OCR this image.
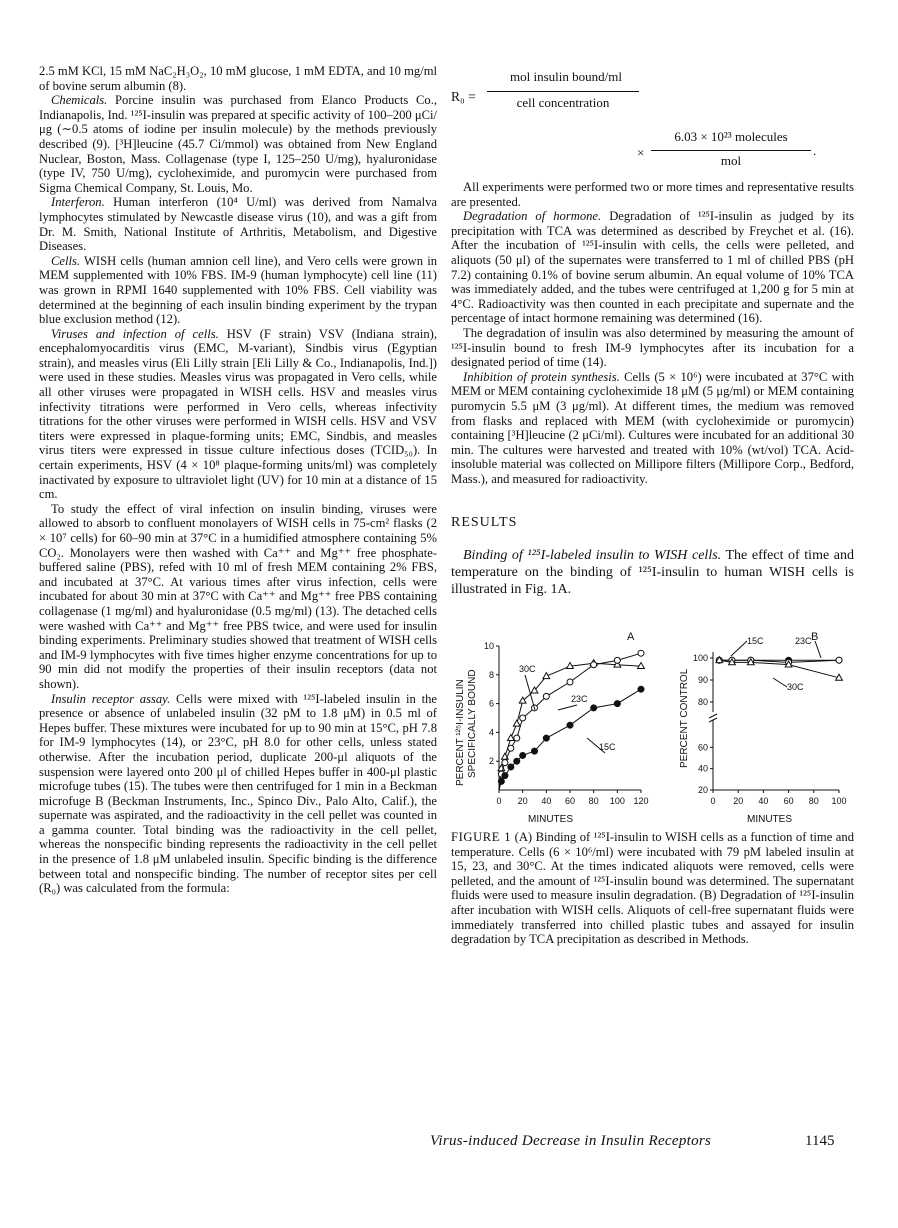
2.5 mM KCl, 15 mM NaC₂H₃O₂, 10 mM glucose, 1 mM EDTA, and 10 mg/ml of bovine serum albumin (8).

Chemicals. Porcine insulin was purchased from Elanco Products Co., Indianapolis, Ind. ¹²⁵I-insulin was prepared at specific activity of 100–200 μCi/μg (∼0.5 atoms of iodine per insulin molecule) by the methods previously described (9). [³H]leucine (45.7 Ci/mmol) was obtained from New England Nuclear, Boston, Mass. Collagenase (type I, 125–250 U/mg), hyaluronidase (type IV, 750 U/mg), cycloheximide, and puromycin were purchased from Sigma Chemical Company, St. Louis, Mo.

Interferon. Human interferon (10⁴ U/ml) was derived from Namalva lymphocytes stimulated by Newcastle disease virus (10), and was a gift from Dr. M. Smith, National Institute of Arthritis, Metabolism, and Digestive Diseases.

Cells. WISH cells (human amnion cell line), and Vero cells were grown in MEM supplemented with 10% FBS. IM-9 (human lymphocyte) cell line (11) was grown in RPMI 1640 supplemented with 10% FBS. Cell viability was determined at the beginning of each insulin binding experiment by the trypan blue exclusion method (12).

Viruses and infection of cells. HSV (F strain) VSV (Indiana strain), encephalomyocarditis virus (EMC, M-variant), Sindbis virus (Egyptian strain), and measles virus (Eli Lilly strain [Eli Lilly & Co., Indianapolis, Ind.]) were used in these studies. Measles virus was propagated in Vero cells, while all other viruses were propagated in WISH cells. HSV and measles virus infectivity titrations were performed in Vero cells, whereas infectivity titrations for the other viruses were performed in WISH cells. HSV and VSV titers were expressed in plaque-forming units; EMC, Sindbis, and measles virus titers were expressed in tissue culture infectious doses (TCID₅₀). In certain experiments, HSV (4 × 10⁸ plaque-forming units/ml) was completely inactivated by exposure to ultraviolet light (UV) for 10 min at a distance of 15 cm.

To study the effect of viral infection on insulin binding, viruses were allowed to absorb to confluent monolayers of WISH cells in 75-cm² flasks (2 × 10⁷ cells) for 60–90 min at 37°C in a humidified atmosphere containing 5% CO₂. Monolayers were then washed with Ca⁺⁺ and Mg⁺⁺ free phosphate-buffered saline (PBS), refed with 10 ml of fresh MEM containing 2% FBS, and incubated at 37°C. At various times after virus infection, cells were incubated for about 30 min at 37°C with Ca⁺⁺ and Mg⁺⁺ free PBS containing collagenase (1 mg/ml) and hyaluronidase (0.5 mg/ml) (13). The detached cells were washed with Ca⁺⁺ and Mg⁺⁺ free PBS twice, and were used for insulin binding experiments. Preliminary studies showed that treatment of WISH cells and IM-9 lymphocytes with five times higher enzyme concentrations for up to 90 min did not modify the properties of their insulin receptors (data not shown).

Insulin receptor assay. Cells were mixed with ¹²⁵I-labeled insulin in the presence or absence of unlabeled insulin (32 pM to 1.8 μM) in 0.5 ml of Hepes buffer. These mixtures were incubated for up to 90 min at 15°C, pH 7.8 for IM-9 lymphocytes (14), or 23°C, pH 8.0 for other cells, unless stated otherwise. After the incubation period, duplicate 200-μl aliquots of the suspension were layered onto 200 μl of chilled Hepes buffer in 400-μl plastic microfuge tubes (15). The tubes were then centrifuged for 1 min in a Beckman microfuge B (Beckman Instruments, Inc., Spinco Div., Palo Alto, Calif.), the supernate was aspirated, and the radioactivity in the cell pellet was counted in a gamma counter. Total binding was the radioactivity in the cell pellet, whereas the nonspecific binding represents the radioactivity in the cell pellet in the presence of 1.8 μM unlabeled insulin. Specific binding is the difference between total and nonspecific binding. The number of receptor sites per cell (R₀) was calculated from the formula:

R₀ =
mol insulin bound/ml
cell concentration
×
6.03 × 10²³ molecules
mol
.

All experiments were performed two or more times and representative results are presented.

Degradation of hormone. Degradation of ¹²⁵I-insulin as judged by its precipitation with TCA was determined as described by Freychet et al. (16). After the incubation of ¹²⁵I-insulin with cells, the cells were pelleted, and aliquots (50 μl) of the supernates were transferred to 1 ml of chilled PBS (pH 7.2) containing 0.1% of bovine serum albumin. An equal volume of 10% TCA was immediately added, and the tubes were centrifuged at 1,200 g for 5 min at 4°C. Radioactivity was then counted in each precipitate and supernate and the percentage of intact hormone remaining was determined (16).

The degradation of insulin was also determined by measuring the amount of ¹²⁵I-insulin bound to fresh IM-9 lymphocytes after its incubation for a designated period of time (14).

Inhibition of protein synthesis. Cells (5 × 10⁶) were incubated at 37°C with MEM or MEM containing cycloheximide 18 μM (5 μg/ml) or MEM containing puromycin 5.5 μM (3 μg/ml). At different times, the medium was removed from flasks and replaced with MEM (with cycloheximide or puromycin) containing [³H]leucine (2 μCi/ml). Cultures were incubated for an additional 30 min. The cultures were harvested and treated with 10% (wt/vol) TCA. Acid-insoluble material was collected on Millipore filters (Millipore Corp., Bedford, Mass.), and measured for radioactivity.

RESULTS

Binding of ¹²⁵I-labeled insulin to WISH cells. The effect of time and temperature on the binding of ¹²⁵I-insulin to human WISH cells is illustrated in Fig. 1A.

A
PERCENT ¹²⁵I-INSULIN SPECIFICALLY BOUND
MINUTES
B
PERCENT CONTROL
MINUTES
0 20 40 60 80 100 120
2
4
6
8
10
30C
23C
15C
0 20 40 60 80 100
20
40
60
80
90
100
15C	23C
30C

FIGURE 1 (A) Binding of ¹²⁵I-insulin to WISH cells as a function of time and temperature. Cells (6 × 10⁶/ml) were incubated with 79 pM labeled insulin at 15, 23, and 30°C. At the times indicated aliquots were removed, cells were pelleted, and the amount of ¹²⁵I-insulin bound was determined. The supernatant fluids were used to measure insulin degradation. (B) Degradation of ¹²⁵I-insulin after incubation with WISH cells. Aliquots of cell-free supernatant fluids were immediately transferred into chilled plastic tubes and assayed for insulin degradation by TCA precipitation as described in Methods.

Virus-induced Decrease in Insulin Receptors	1145
